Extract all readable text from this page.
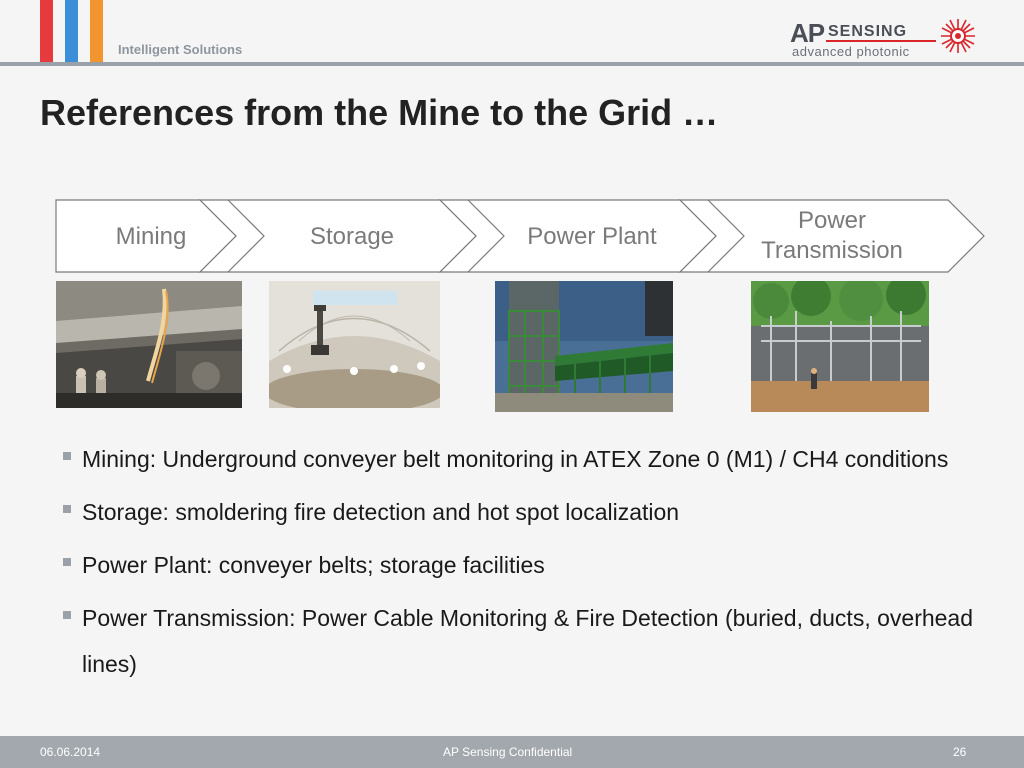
Intelligent Solutions
AP SENSING
advanced photonic
References from the Mine to the Grid …
Mining	Storage	Power Plant
Power
Transmission
Mining: Underground conveyer belt monitoring in ATEX Zone 0 (M1) / CH4 conditions
Storage: smoldering fire detection and hot spot localization
Power Plant: conveyer belts; storage facilities
Power Transmission: Power Cable Monitoring & Fire Detection (buried, ducts, overhead lines)
06.06.2014	AP Sensing Confidential	26
